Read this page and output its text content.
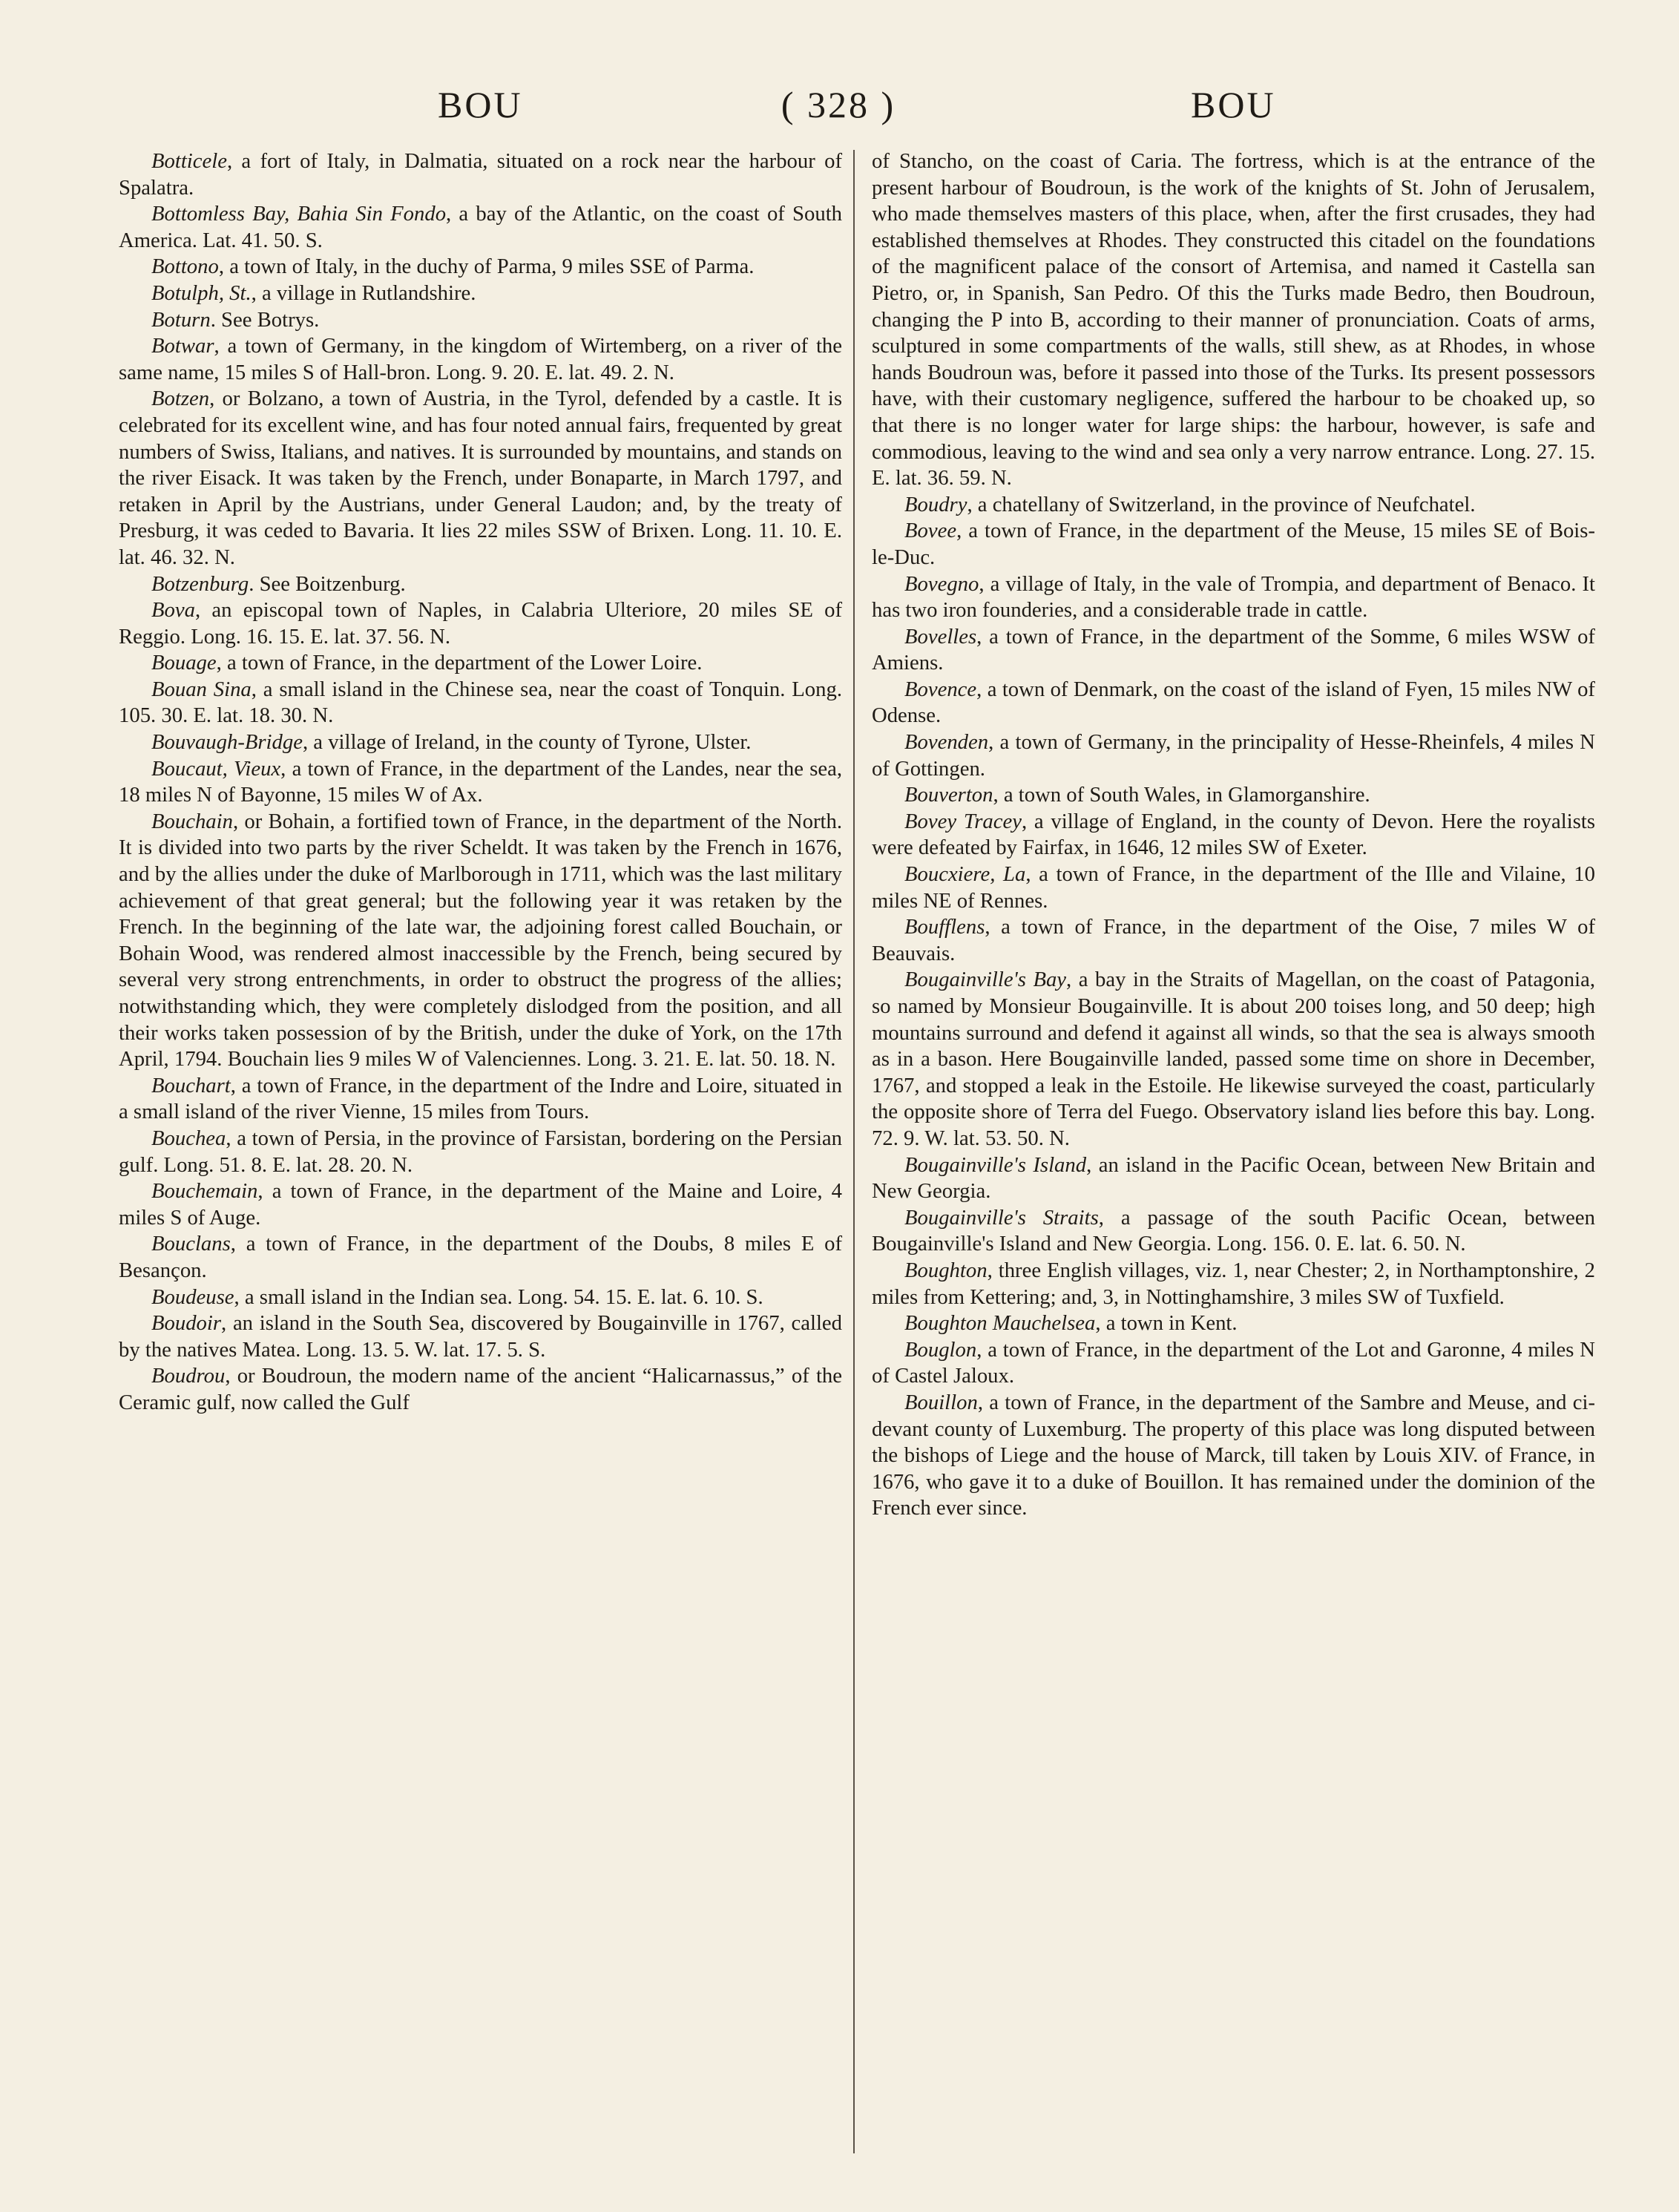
BOU	( 328 )	BOU

Botticele, a fort of Italy, in Dalmatia, situated on a rock near the harbour of Spalatra.

Bottomless Bay, Bahia Sin Fondo, a bay of the Atlantic, on the coast of South America. Lat. 41. 50. S.

Bottono, a town of Italy, in the duchy of Parma, 9 miles SSE of Parma.

Botulph, St., a village in Rutlandshire.

Boturn. See Botrys.

Botwar, a town of Germany, in the kingdom of Wirtemberg, on a river of the same name, 15 miles S of Hall-bron. Long. 9. 20. E. lat. 49. 2. N.

Botzen, or Bolzano, a town of Austria, in the Tyrol, defended by a castle. It is celebrated for its excellent wine, and has four noted annual fairs, frequented by great numbers of Swiss, Italians, and natives. It is surrounded by mountains, and stands on the river Eisack. It was taken by the French, under Bonaparte, in March 1797, and retaken in April by the Austrians, under General Laudon; and, by the treaty of Presburg, it was ceded to Bavaria. It lies 22 miles SSW of Brixen. Long. 11. 10. E. lat. 46. 32. N.

Botzenburg. See Boitzenburg.

Bova, an episcopal town of Naples, in Calabria Ulteriore, 20 miles SE of Reggio. Long. 16. 15. E. lat. 37. 56. N.

Bouage, a town of France, in the department of the Lower Loire.

Bouan Sina, a small island in the Chinese sea, near the coast of Tonquin. Long. 105. 30. E. lat. 18. 30. N.

Bouvaugh-Bridge, a village of Ireland, in the county of Tyrone, Ulster.

Boucaut, Vieux, a town of France, in the department of the Landes, near the sea, 18 miles N of Bayonne, 15 miles W of Ax.

Bouchain, or Bohain, a fortified town of France, in the department of the North. It is divided into two parts by the river Scheldt. It was taken by the French in 1676, and by the allies under the duke of Marlborough in 1711, which was the last military achievement of that great general; but the following year it was retaken by the French. In the beginning of the late war, the adjoining forest called Bouchain, or Bohain Wood, was rendered almost inaccessible by the French, being secured by several very strong entrenchments, in order to obstruct the progress of the allies; notwithstanding which, they were completely dislodged from the position, and all their works taken possession of by the British, under the duke of York, on the 17th April, 1794. Bouchain lies 9 miles W of Valenciennes. Long. 3. 21. E. lat. 50. 18. N.

Bouchart, a town of France, in the department of the Indre and Loire, situated in a small island of the river Vienne, 15 miles from Tours.

Bouchea, a town of Persia, in the province of Farsistan, bordering on the Persian gulf. Long. 51. 8. E. lat. 28. 20. N.

Bouchemain, a town of France, in the department of the Maine and Loire, 4 miles S of Auge.

Bouclans, a town of France, in the department of the Doubs, 8 miles E of Besançon.

Boudeuse, a small island in the Indian sea. Long. 54. 15. E. lat. 6. 10. S.

Boudoir, an island in the South Sea, discovered by Bougainville in 1767, called by the natives Matea. Long. 13. 5. W. lat. 17. 5. S.

Boudrou, or Boudroun, the modern name of the ancient “Halicarnassus,” of the Ceramic gulf, now called the Gulf

of Stancho, on the coast of Caria. The fortress, which is at the entrance of the present harbour of Boudroun, is the work of the knights of St. John of Jerusalem, who made themselves masters of this place, when, after the first crusades, they had established themselves at Rhodes. They constructed this citadel on the foundations of the magnificent palace of the consort of Artemisa, and named it Castella san Pietro, or, in Spanish, San Pedro. Of this the Turks made Bedro, then Boudroun, changing the P into B, according to their manner of pronunciation. Coats of arms, sculptured in some compartments of the walls, still shew, as at Rhodes, in whose hands Boudroun was, before it passed into those of the Turks. Its present possessors have, with their customary negligence, suffered the harbour to be choaked up, so that there is no longer water for large ships: the harbour, however, is safe and commodious, leaving to the wind and sea only a very narrow entrance. Long. 27. 15. E. lat. 36. 59. N.

Boudry, a chatellany of Switzerland, in the province of Neufchatel.

Bovee, a town of France, in the department of the Meuse, 15 miles SE of Bois-le-Duc.

Bovegno, a village of Italy, in the vale of Trompia, and department of Benaco. It has two iron founderies, and a considerable trade in cattle.

Bovelles, a town of France, in the department of the Somme, 6 miles WSW of Amiens.

Bovence, a town of Denmark, on the coast of the island of Fyen, 15 miles NW of Odense.

Bovenden, a town of Germany, in the principality of Hesse-Rheinfels, 4 miles N of Gottingen.

Bouverton, a town of South Wales, in Glamorganshire.

Bovey Tracey, a village of England, in the county of Devon. Here the royalists were defeated by Fairfax, in 1646, 12 miles SW of Exeter.

Boucxiere, La, a town of France, in the department of the Ille and Vilaine, 10 miles NE of Rennes.

Boufflens, a town of France, in the department of the Oise, 7 miles W of Beauvais.

Bougainville's Bay, a bay in the Straits of Magellan, on the coast of Patagonia, so named by Monsieur Bougainville. It is about 200 toises long, and 50 deep; high mountains surround and defend it against all winds, so that the sea is always smooth as in a bason. Here Bougainville landed, passed some time on shore in December, 1767, and stopped a leak in the Estoile. He likewise surveyed the coast, particularly the opposite shore of Terra del Fuego. Observatory island lies before this bay. Long. 72. 9. W. lat. 53. 50. N.

Bougainville's Island, an island in the Pacific Ocean, between New Britain and New Georgia.

Bougainville's Straits, a passage of the south Pacific Ocean, between Bougainville's Island and New Georgia. Long. 156. 0. E. lat. 6. 50. N.

Boughton, three English villages, viz. 1, near Chester; 2, in Northamptonshire, 2 miles from Kettering; and, 3, in Nottinghamshire, 3 miles SW of Tuxfield.

Boughton Mauchelsea, a town in Kent.

Bouglon, a town of France, in the department of the Lot and Garonne, 4 miles N of Castel Jaloux.

Bouillon, a town of France, in the department of the Sambre and Meuse, and ci-devant county of Luxemburg. The property of this place was long disputed between the bishops of Liege and the house of Marck, till taken by Louis XIV. of France, in 1676, who gave it to a duke of Bouillon. It has remained under the dominion of the French ever since.
